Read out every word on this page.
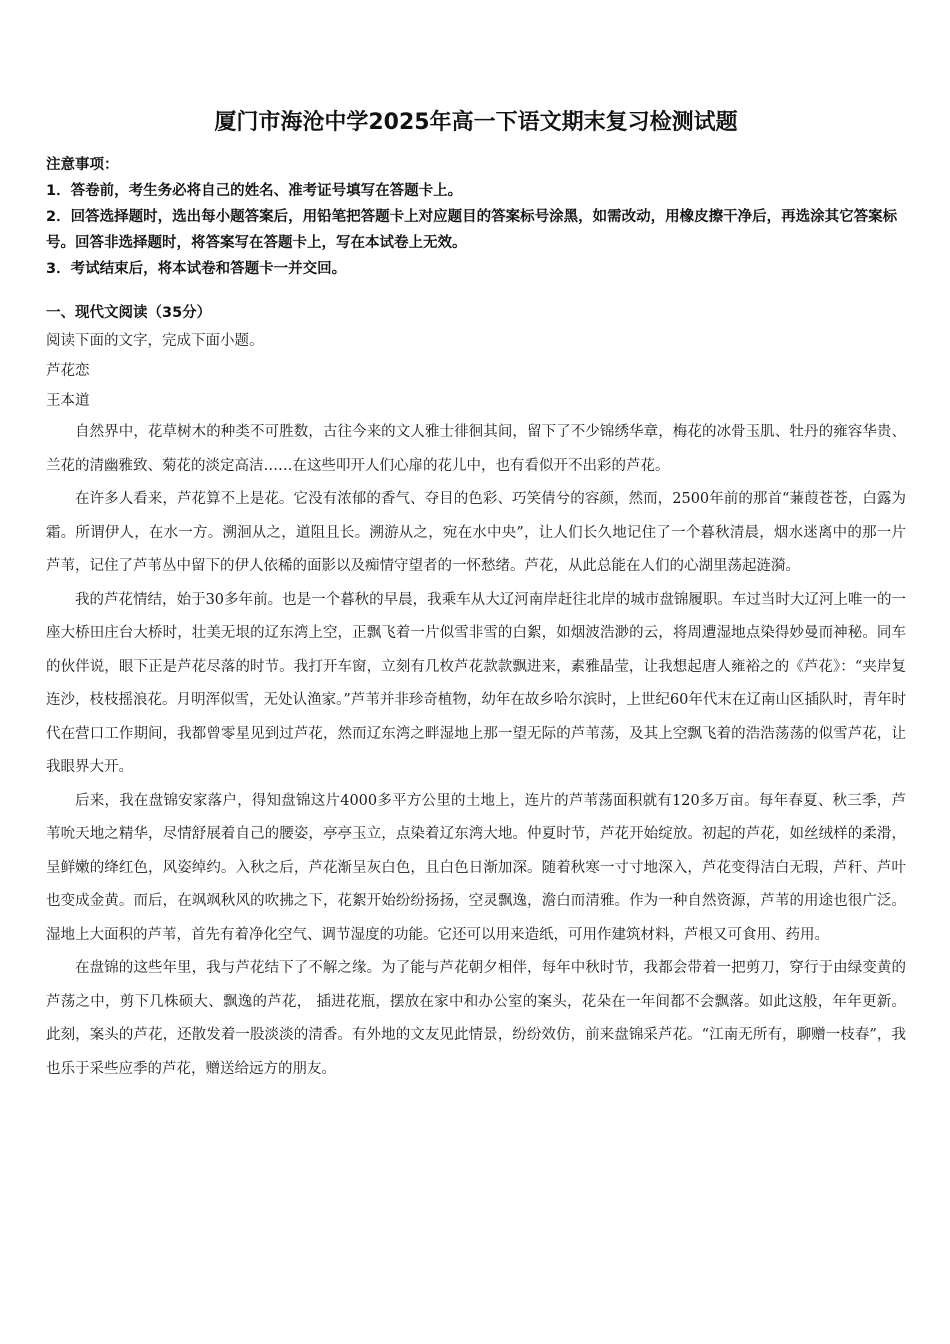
厦门市海沧中学2025年高一下语文期末复习检测试题
注意事项：
1．答卷前，考生务必将自己的姓名、准考证号填写在答题卡上。
2．回答选择题时，选出每小题答案后，用铅笔把答题卡上对应题目的答案标号涂黑，如需改动，用橡皮擦干净后，再选涂其它答案标号。回答非选择题时，将答案写在答题卡上，写在本试卷上无效。
3．考试结束后，将本试卷和答题卡一并交回。
一、现代文阅读（35分）
阅读下面的文字，完成下面小题。
芦花恋
王本道

自然界中，花草树木的种类不可胜数，古往今来的文人雅士徘徊其间，留下了不少锦绣华章，梅花的冰骨玉肌、牡丹的雍容华贵、兰花的清幽雅致、菊花的淡定高洁……在这些叩开人们心扉的花儿中，也有看似开不出彩的芦花。

在许多人看来，芦花算不上是花。它没有浓郁的香气、夺目的色彩、巧笑倩兮的容颜，然而，2500年前的那首“蒹葭苍苍，白露为霜。所谓伊人，在水一方。溯洄从之，道阻且长。溯游从之，宛在水中央”，让人们长久地记住了一个暮秋清晨，烟水迷离中的那一片芦苇，记住了芦苇丛中留下的伊人依稀的面影以及痴情守望者的一怀愁绪。芦花，从此总能在人们的心湖里荡起涟漪。

我的芦花情结，始于30多年前。也是一个暮秋的早晨，我乘车从大辽河南岸赶往北岸的城市盘锦履职。车过当时大辽河上唯一的一座大桥田庄台大桥时，壮美无垠的辽东湾上空，正飘飞着一片似雪非雪的白絮，如烟波浩渺的云，将周遭湿地点染得妙曼而神秘。同车的伙伴说，眼下正是芦花尽落的时节。我打开车窗，立刻有几枚芦花款款飘进来，素雅晶莹，让我想起唐人雍裕之的《芦花》：“夹岸复连沙，枝枝摇浪花。月明浑似雪，无处认渔家。”芦苇并非珍奇植物，幼年在故乡哈尔滨时，上世纪60年代末在辽南山区插队时，青年时代在营口工作期间，我都曾零星见到过芦花，然而辽东湾之畔湿地上那一望无际的芦苇荡，及其上空飘飞着的浩浩荡荡的似雪芦花，让我眼界大开。

后来，我在盘锦安家落户，得知盘锦这片4000多平方公里的土地上，连片的芦苇荡面积就有120多万亩。每年春夏、秋三季，芦苇吮天地之精华，尽情舒展着自己的腰姿，亭亭玉立，点染着辽东湾大地。仲夏时节，芦花开始绽放。初起的芦花，如丝绒样的柔滑，呈鲜嫩的绛红色，风姿绰约。入秋之后，芦花渐呈灰白色，且白色日渐加深。随着秋寒一寸寸地深入，芦花变得洁白无瑕，芦秆、芦叶也变成金黄。而后，在飒飒秋风的吹拂之下，花絮开始纷纷扬扬，空灵飘逸，澹白而清雅。作为一种自然资源，芦苇的用途也很广泛。湿地上大面积的芦苇，首先有着净化空气、调节湿度的功能。它还可以用来造纸，可用作建筑材料，芦根又可食用、药用。

在盘锦的这些年里，我与芦花结下了不解之缘。为了能与芦花朝夕相伴，每年中秋时节，我都会带着一把剪刀，穿行于由绿变黄的芦荡之中，剪下几株硕大、飘逸的芦花， 插进花瓶，摆放在家中和办公室的案头，花朵在一年间都不会飘落。如此这般，年年更新。此刻，案头的芦花，还散发着一股淡淡的清香。有外地的文友见此情景，纷纷效仿，前来盘锦采芦花。“江南无所有，聊赠一枝春”，我也乐于采些应季的芦花，赠送给远方的朋友。
